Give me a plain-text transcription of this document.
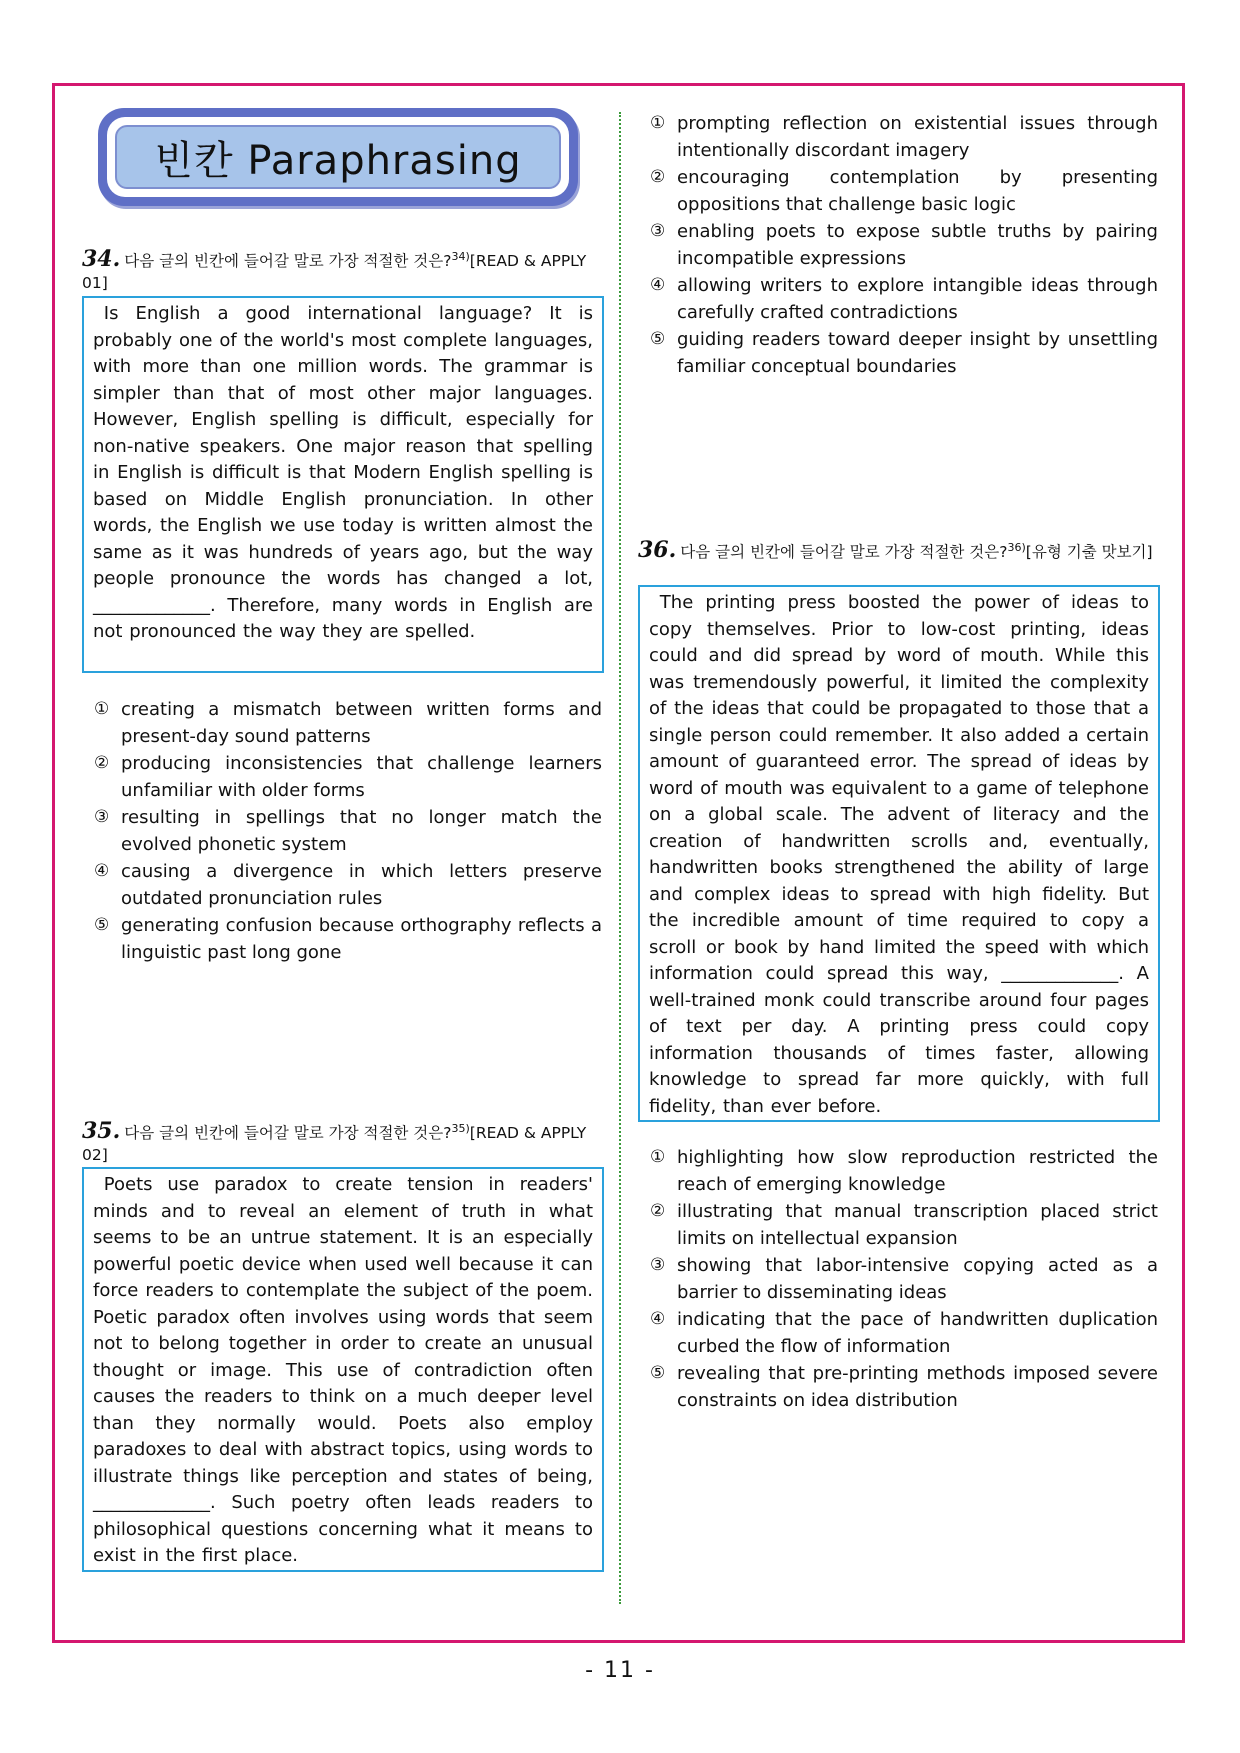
빈칸 Paraphrasing
34. 다음 글의 빈칸에 들어갈 말로 가장 적절한 것은?$^{34)}$[READ & APPLY 01]

Is English a good international language? It is probably one of the world's most complete languages, with more than one million words. The grammar is simpler than that of most other major languages. However, English spelling is difficult, especially for non-native speakers. One major reason that spelling in English is difficult is that Modern English spelling is based on Middle English pronunciation. In other words, the English we use today is written almost the same as it was hundreds of years ago, but the way people pronounce the words has changed a lot, _____________. Therefore, many words in English are not pronounced the way they are spelled.

① creating a mismatch between written forms and present-day sound patterns
② producing inconsistencies that challenge learners unfamiliar with older forms
③ resulting in spellings that no longer match the evolved phonetic system
④ causing a divergence in which letters preserve outdated pronunciation rules
⑤ generating confusion because orthography reflects a linguistic past long gone
35. 다음 글의 빈칸에 들어갈 말로 가장 적절한 것은?$^{35)}$[READ & APPLY 02]

Poets use paradox to create tension in readers' minds and to reveal an element of truth in what seems to be an untrue statement. It is an especially powerful poetic device when used well because it can force readers to contemplate the subject of the poem. Poetic paradox often involves using words that seem not to belong together in order to create an unusual thought or image. This use of contradiction often causes the readers to think on a much deeper level than they normally would. Poets also employ paradoxes to deal with abstract topics, using words to illustrate things like perception and states of being, _____________. Such poetry often leads readers to philosophical questions concerning what it means to exist in the first place.

① prompting reflection on existential issues through intentionally discordant imagery
② encouraging contemplation by presenting oppositions that challenge basic logic
③ enabling poets to expose subtle truths by pairing incompatible expressions
④ allowing writers to explore intangible ideas through carefully crafted contradictions
⑤ guiding readers toward deeper insight by unsettling familiar conceptual boundaries
36. 다음 글의 빈칸에 들어갈 말로 가장 적절한 것은?$^{36)}$[유형 기출 맛보기]

The printing press boosted the power of ideas to copy themselves. Prior to low-cost printing, ideas could and did spread by word of mouth. While this was tremendously powerful, it limited the complexity of the ideas that could be propagated to those that a single person could remember. It also added a certain amount of guaranteed error. The spread of ideas by word of mouth was equivalent to a game of telephone on a global scale. The advent of literacy and the creation of handwritten scrolls and, eventually, handwritten books strengthened the ability of large and complex ideas to spread with high fidelity. But the incredible amount of time required to copy a scroll or book by hand limited the speed with which information could spread this way, _____________. A well-trained monk could transcribe around four pages of text per day. A printing press could copy information thousands of times faster, allowing knowledge to spread far more quickly, with full fidelity, than ever before.

① highlighting how slow reproduction restricted the reach of emerging knowledge
② illustrating that manual transcription placed strict limits on intellectual expansion
③ showing that labor-intensive copying acted as a barrier to disseminating ideas
④ indicating that the pace of handwritten duplication curbed the flow of information
⑤ revealing that pre-printing methods imposed severe constraints on idea distribution
- 11 -
